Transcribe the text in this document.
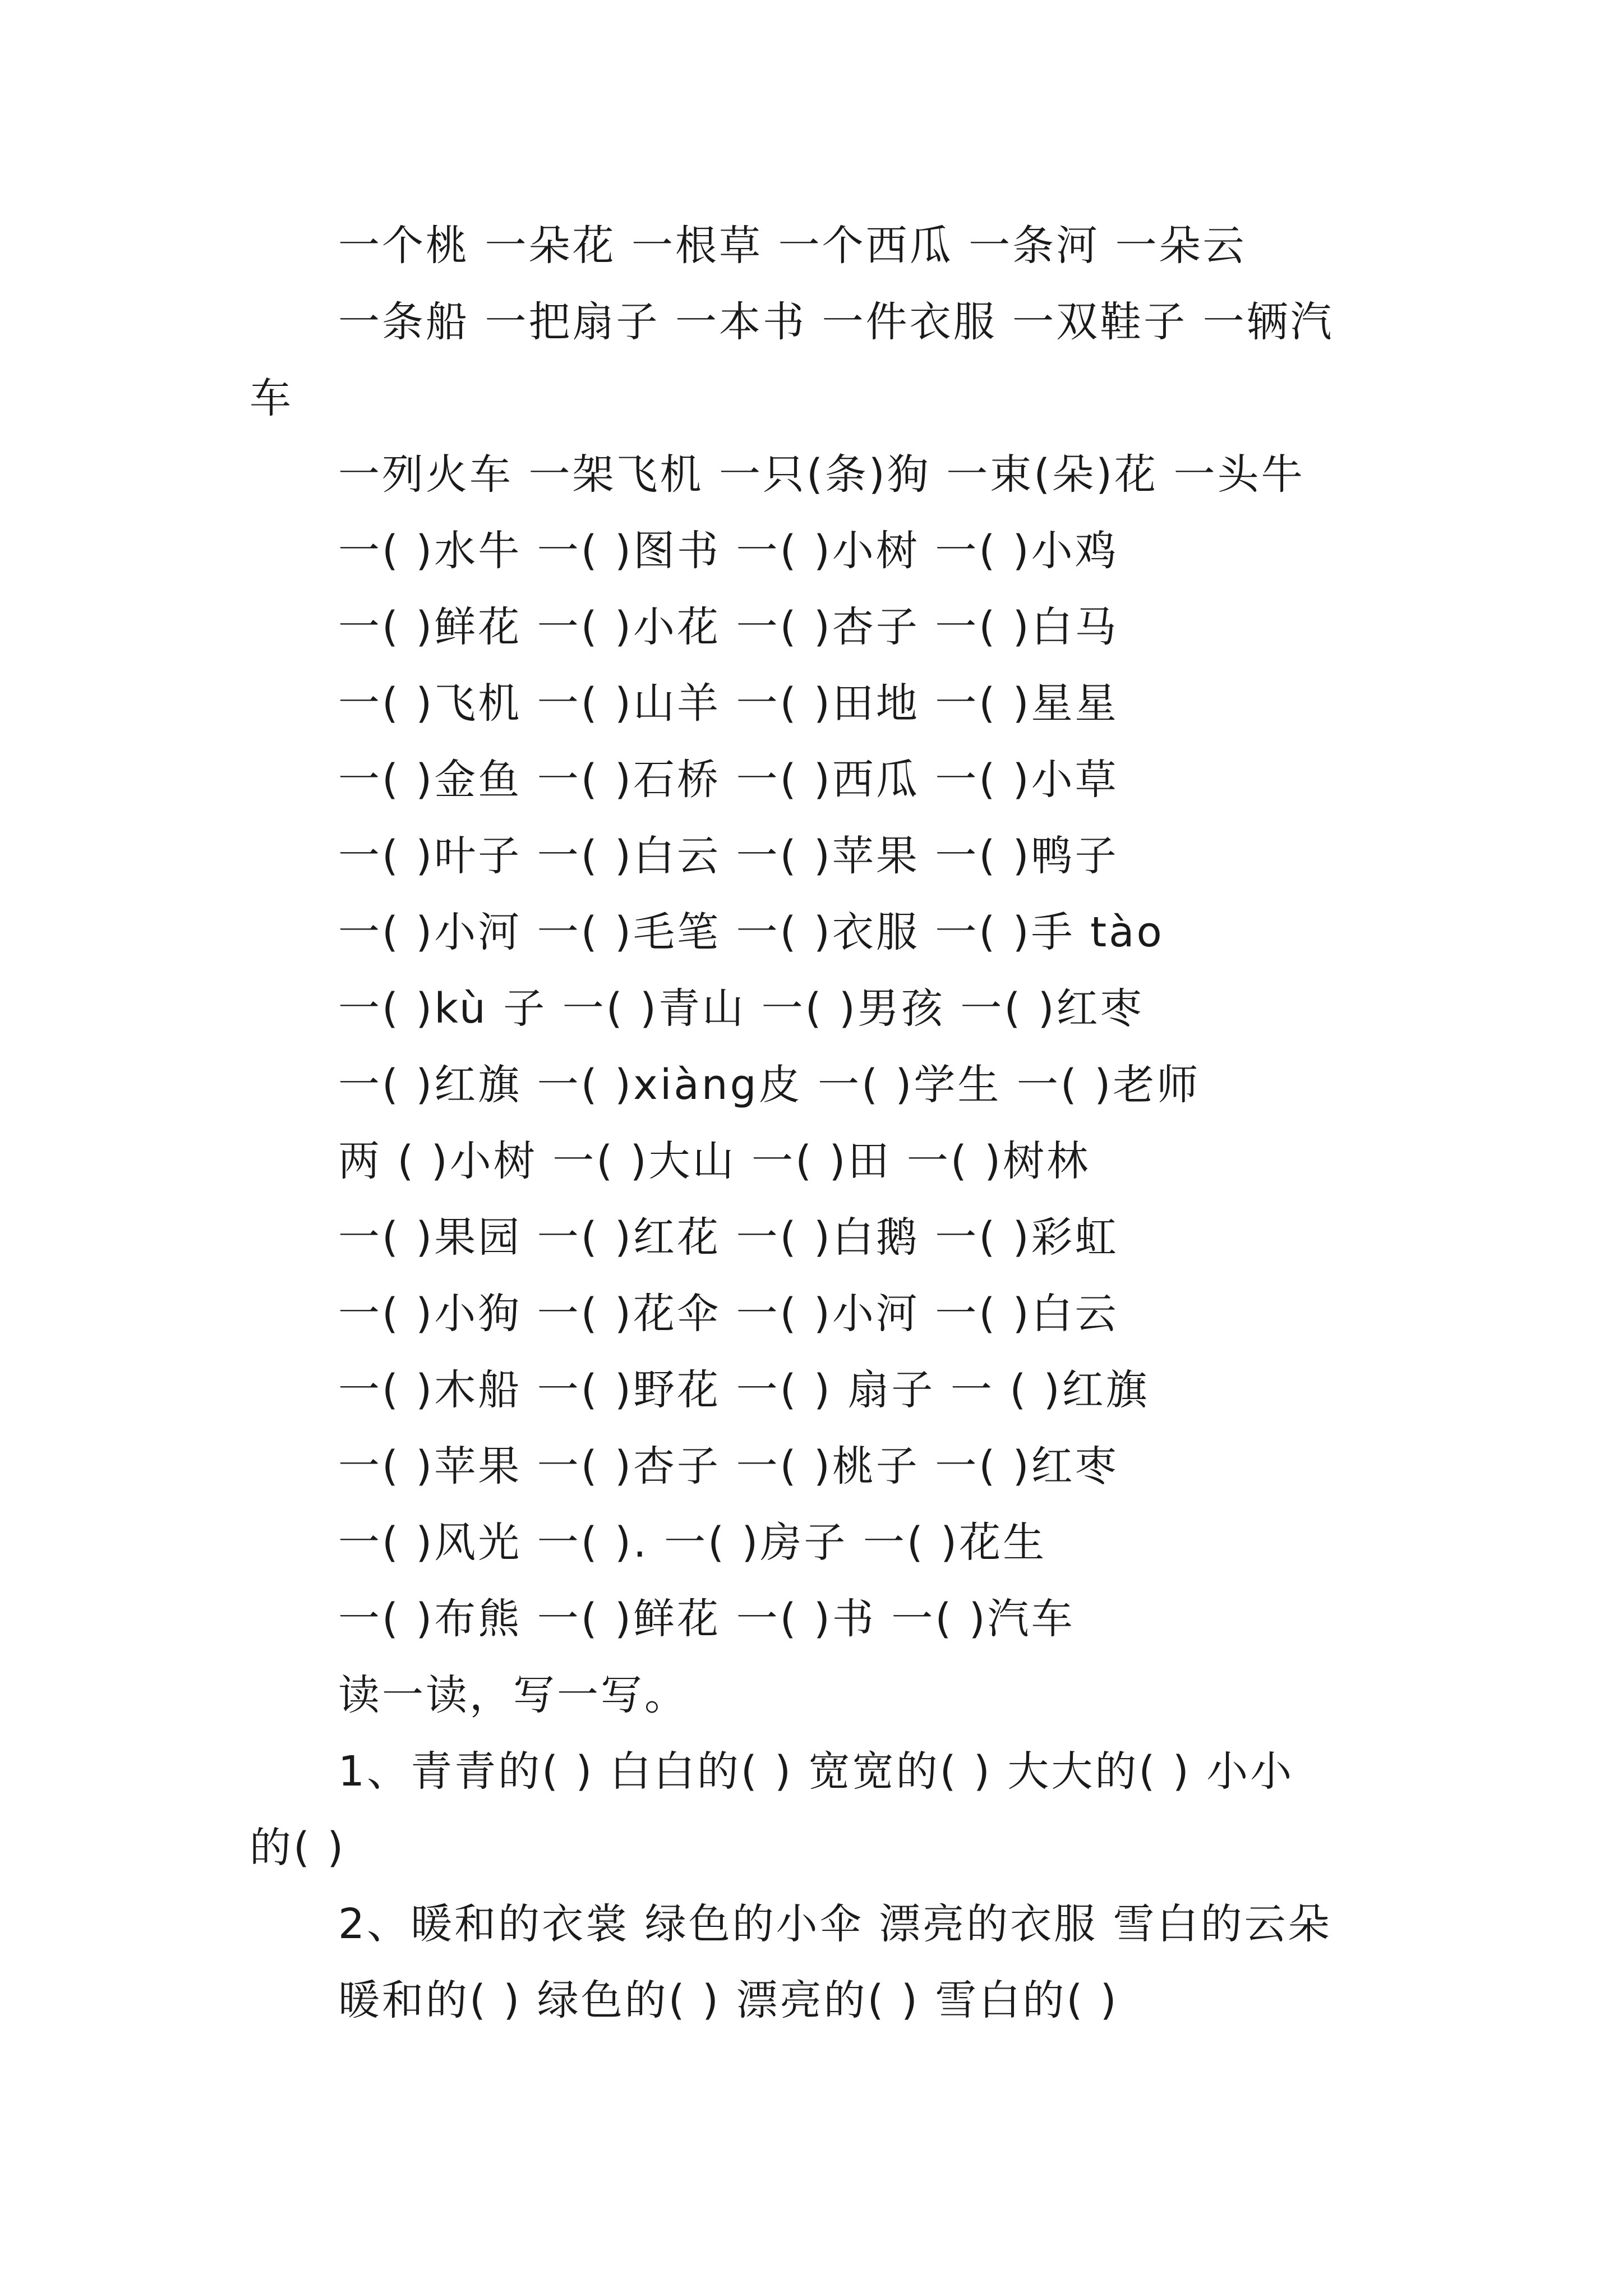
一个桃 一朵花 一根草 一个西瓜 一条河 一朵云
一条船 一把扇子 一本书 一件衣服 一双鞋子 一辆汽
车
一列火车 一架飞机 一只(条)狗 一束(朵)花 一头牛
一( )水牛 一( )图书 一( )小树 一( )小鸡
一( )鲜花 一( )小花 一( )杏子 一( )白马
一( )飞机 一( )山羊 一( )田地 一( )星星
一( )金鱼 一( )石桥 一( )西瓜 一( )小草
一( )叶子 一( )白云 一( )苹果 一( )鸭子
一( )小河 一( )毛笔 一( )衣服 一( )手 tào
一( )kù 子 一( )青山 一( )男孩 一( )红枣
一( )红旗 一( )xiàng皮 一( )学生 一( )老师
两 ( )小树 一( )大山 一( )田 一( )树林
一( )果园 一( )红花 一( )白鹅 一( )彩虹
一( )小狗 一( )花伞 一( )小河 一( )白云
一( )木船 一( )野花 一( ) 扇子 一 ( )红旗
一( )苹果 一( )杏子 一( )桃子 一( )红枣
一( )风光 一( ). 一( )房子 一( )花生
一( )布熊 一( )鲜花 一( )书 一( )汽车
读一读，写一写。
1、青青的( ) 白白的( ) 宽宽的( ) 大大的( ) 小小
的( )
2、暖和的衣裳 绿色的小伞 漂亮的衣服 雪白的云朵
暖和的( ) 绿色的( ) 漂亮的( ) 雪白的( )
